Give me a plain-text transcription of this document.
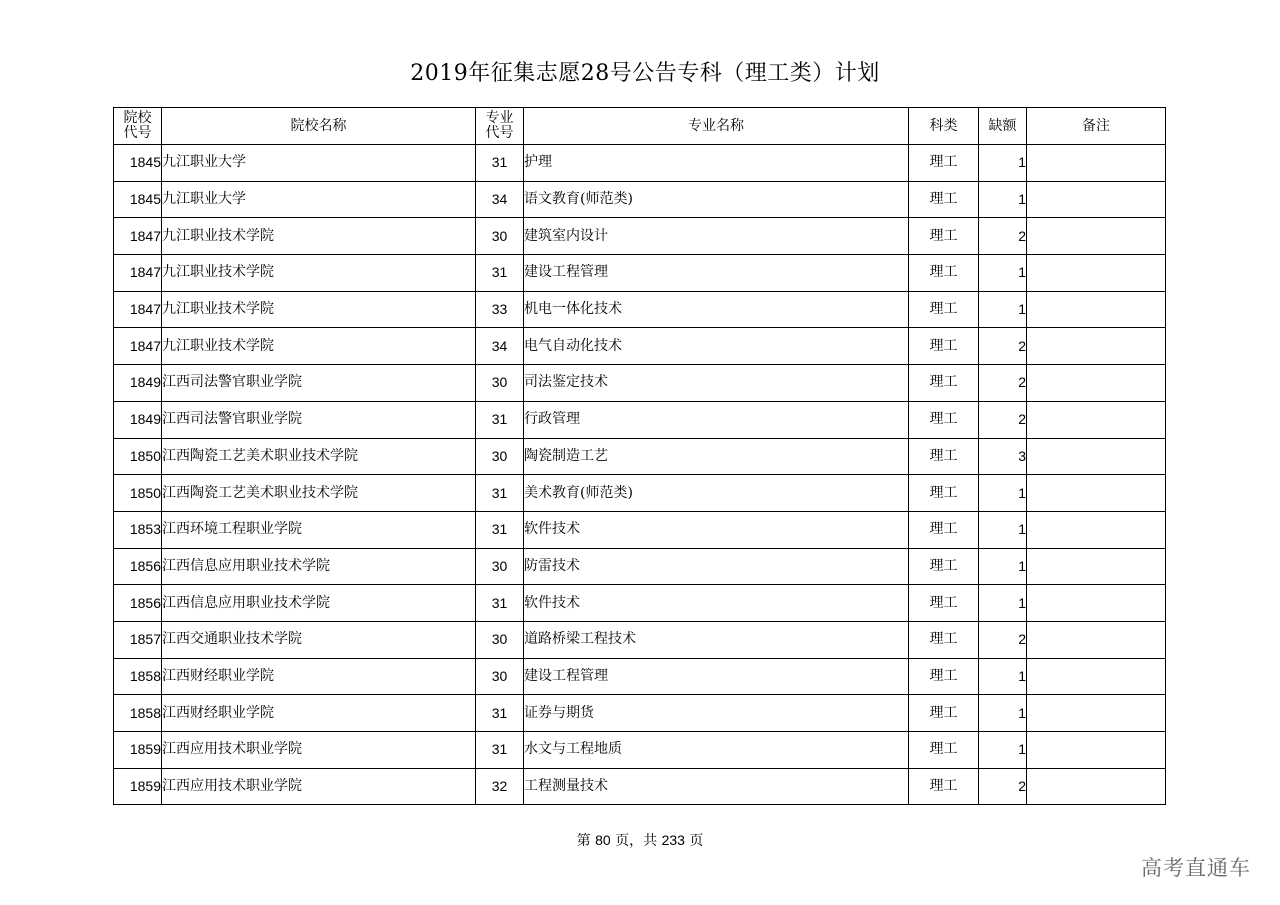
2019年征集志愿28号公告专科（理工类）计划
院校代号	院校名称	专业代号	专业名称	科类	缺额	备注
1845	九江职业大学	31	护理	理工	1	
1845	九江职业大学	34	语文教育(师范类)	理工	1	
1847	九江职业技术学院	30	建筑室内设计	理工	2	
1847	九江职业技术学院	31	建设工程管理	理工	1	
1847	九江职业技术学院	33	机电一体化技术	理工	1	
1847	九江职业技术学院	34	电气自动化技术	理工	2	
1849	江西司法警官职业学院	30	司法鉴定技术	理工	2	
1849	江西司法警官职业学院	31	行政管理	理工	2	
1850	江西陶瓷工艺美术职业技术学院	30	陶瓷制造工艺	理工	3	
1850	江西陶瓷工艺美术职业技术学院	31	美术教育(师范类)	理工	1	
1853	江西环境工程职业学院	31	软件技术	理工	1	
1856	江西信息应用职业技术学院	30	防雷技术	理工	1	
1856	江西信息应用职业技术学院	31	软件技术	理工	1	
1857	江西交通职业技术学院	30	道路桥梁工程技术	理工	2	
1858	江西财经职业学院	30	建设工程管理	理工	1	
1858	江西财经职业学院	31	证券与期货	理工	1	
1859	江西应用技术职业学院	31	水文与工程地质	理工	1	
1859	江西应用技术职业学院	32	工程测量技术	理工	2	
第 80 页，共 233 页
高考直通车
